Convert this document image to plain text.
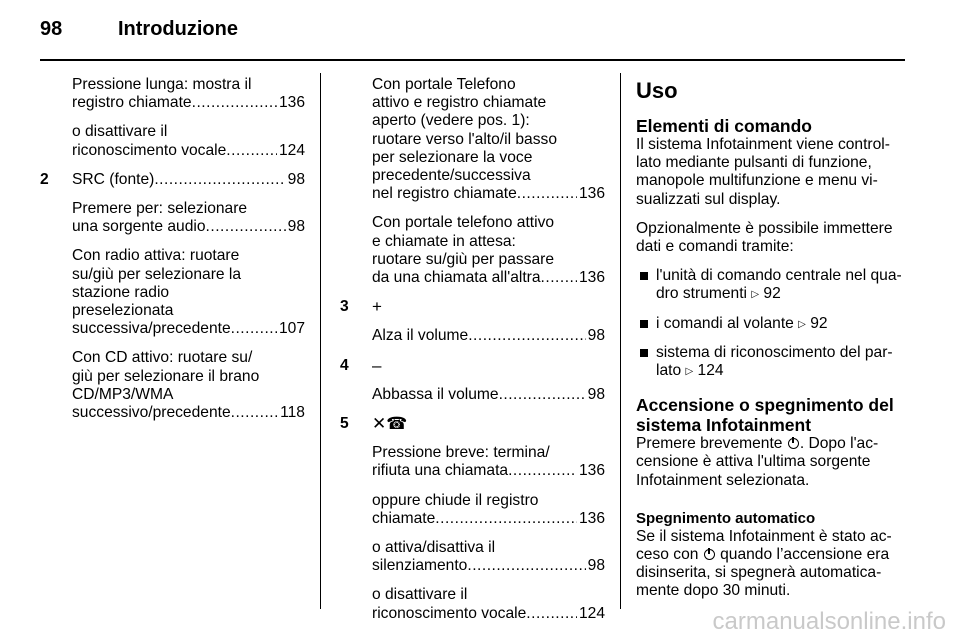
98	Introduzione
Pressione lunga: mostra il
registro chiamate .....	136
o disattivare il
riconoscimento vocale .....	124
2 SRC (fonte) .....	98
Premere per: selezionare
una sorgente audio .....	98
Con radio attiva: ruotare
su/giù per selezionare la
stazione radio
preselezionata
successiva/precedente .....	107
Con CD attivo: ruotare su/
giù per selezionare il brano
CD/MP3/WMA
successivo/precedente .....	118
Con portale Telefono
attivo e registro chiamate
aperto (vedere pos. 1):
ruotare verso l'alto/il basso
per selezionare la voce
precedente/successiva
nel registro chiamate .....	136
Con portale telefono attivo
e chiamate in attesa:
ruotare su/giù per passare
da una chiamata all'altra ..... 136
3 +
Alza il volume .....	98
4 –
Abbassa il volume .....	98
5 ✕☎
Pressione breve: termina/
rifiuta una chiamata .....	136
oppure chiude il registro
chiamate .....	136
o attiva/disattiva il
silenziamento .....	98
o disattivare il
riconoscimento vocale .....	124
Uso
Elementi di comando
Il sistema Infotainment viene control-
lato mediante pulsanti di funzione,
manopole multifunzione e menu vi-
sualizzati sul display.
Opzionalmente è possibile immettere
dati e comandi tramite:
l'unità di comando centrale nel qua-
dro strumenti ▷ 92
i comandi al volante ▷ 92
sistema di riconoscimento del par-
lato ▷ 124
Accensione o spegnimento del
sistema Infotainment
Premere brevemente . Dopo l'ac-
censione è attiva l'ultima sorgente
Infotainment selezionata.
Spegnimento automatico
Se il sistema Infotainment è stato ac-
ceso con quando l’accensione era
disinserita, si spegnerà automatica-
mente dopo 30 minuti.
carmanualsonline.info
